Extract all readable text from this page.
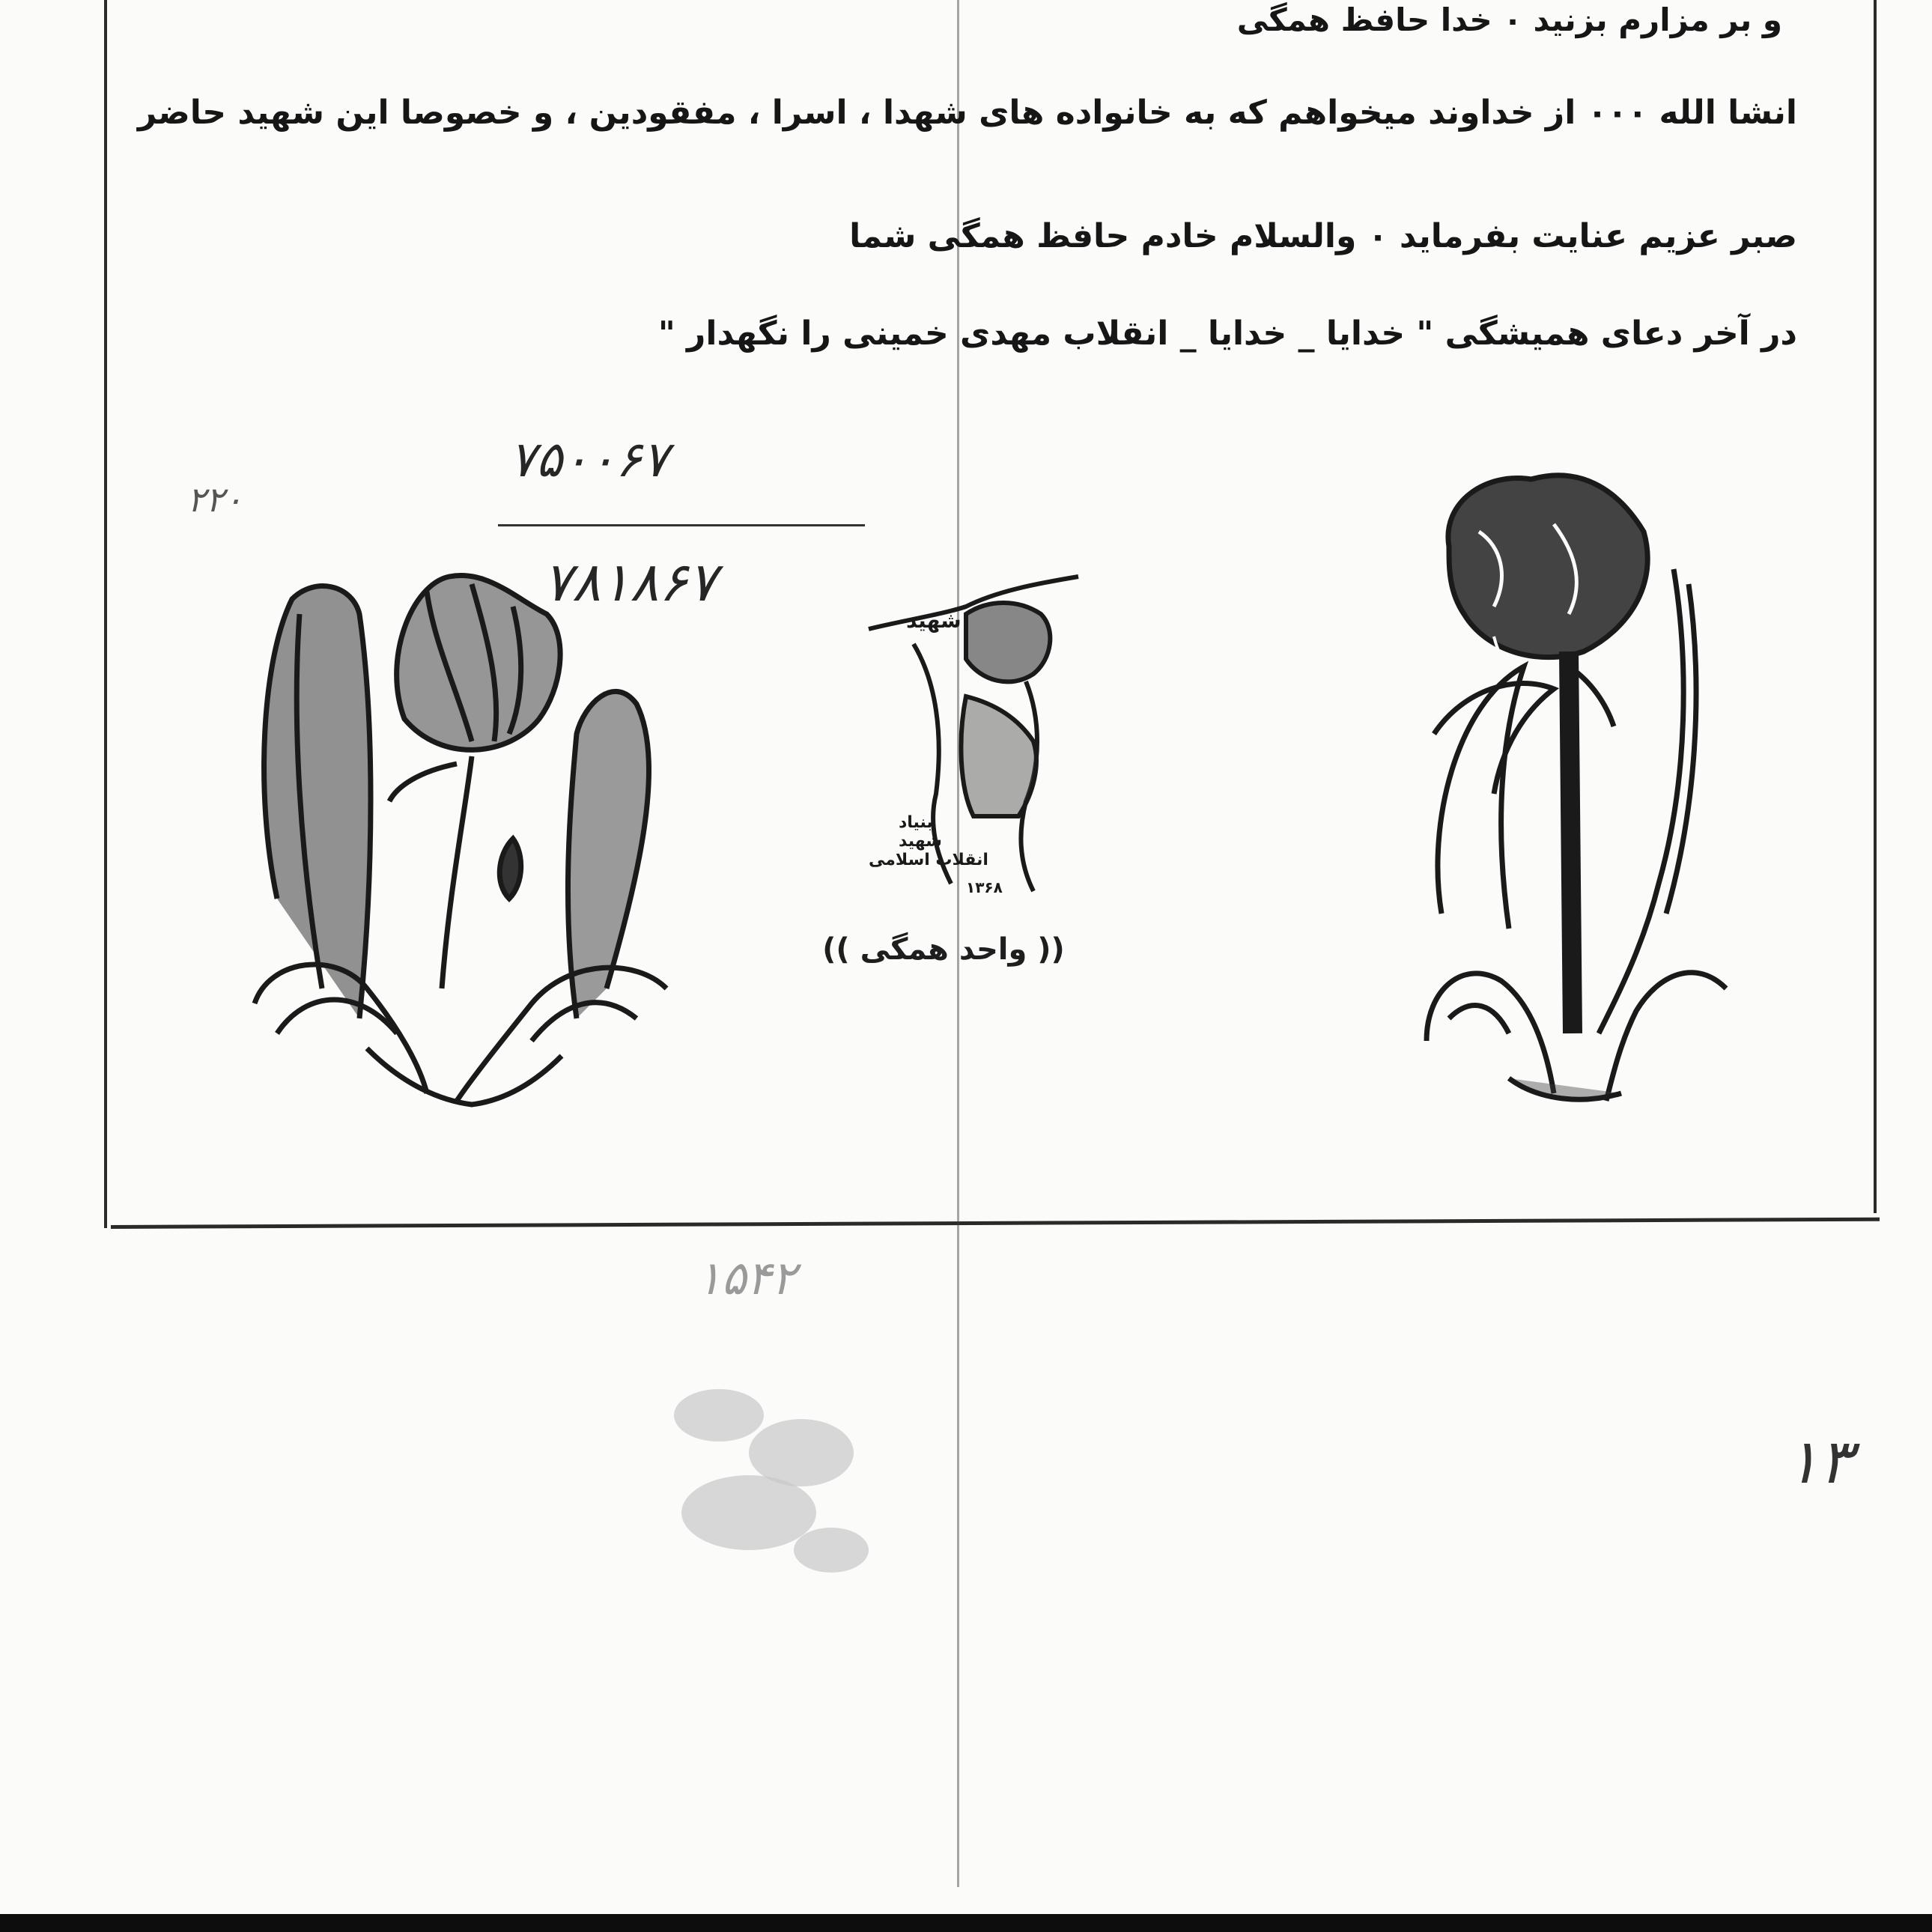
و بر مزارم بزنید ۰ خدا حافظ همگی
انشا الله ۰۰۰ از خداوند میخواهم که به خانواده های شهدا ، اسرا ، مفقودین ، و خصوصا این شهید حاضر
صبر عزیم عنایت بفرماید ۰ والسلام خادم حافظ همگی شما
در آخر دعای همیشگی " خدایا _ خدایا _ انقلاب مهدی خمینی را نگهدار "
۷۵۰۰۶۷
۷۸۱۸۶۷
۲۲۰
شهید
بنیاد
شهید
انقلاب اسلامی
۱۳۶۸
(( واحد همگی ))
۱۵۴۲
۱۳
